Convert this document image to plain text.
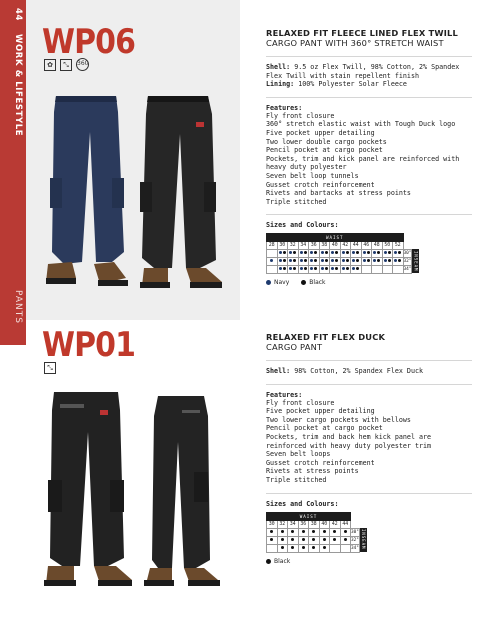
44
WORK & LIFESTYLE
PANTS
WP06
✿	⤡	360
RELAXED FIT FLEECE LINED FLEX TWILL
CARGO PANT WITH 360° STRETCH WAIST
Shell: 9.5 oz Flex Twill, 98% Cotton, 2% Spandex Flex Twill with stain repellent finish
Lining: 100% Polyester Solar Fleece
Features:
Fly front closure
360° stretch elastic waist with Tough Duck logo
Five pocket upper detailing
Two lower double cargo pockets
Pencil pocket at cargo pocket
Pockets, trim and kick panel are reinforced with heavy duty polyester
Seven belt loop tunnels
Gusset crotch reinforcement
Rivets and bartacks at stress points
Triple stitched
Sizes and Colours:
WAIST													
28	30	32	34	36	38	40	42	44	46	48	50	52	
													30"
													32"
													34" INSEAM
Navy	Black
WP01
⤡
RELAXED FIT FLEX DUCK
CARGO PANT
Shell: 98% Cotton, 2% Spandex Flex Duck
Features:
Fly front closure
Five pocket upper detailing
Two lower cargo pockets with bellows
Pencil pocket at cargo pocket
Pockets, trim and back hem kick panel are reinforced with heavy duty polyester trim
Seven belt loops
Gusset crotch reinforcement
Rivets at stress points
Triple stitched
Sizes and Colours:
WAIST								
30	32	34	36	38	40	42	44	
								30"
								32"
								34" INSEAM
Black
